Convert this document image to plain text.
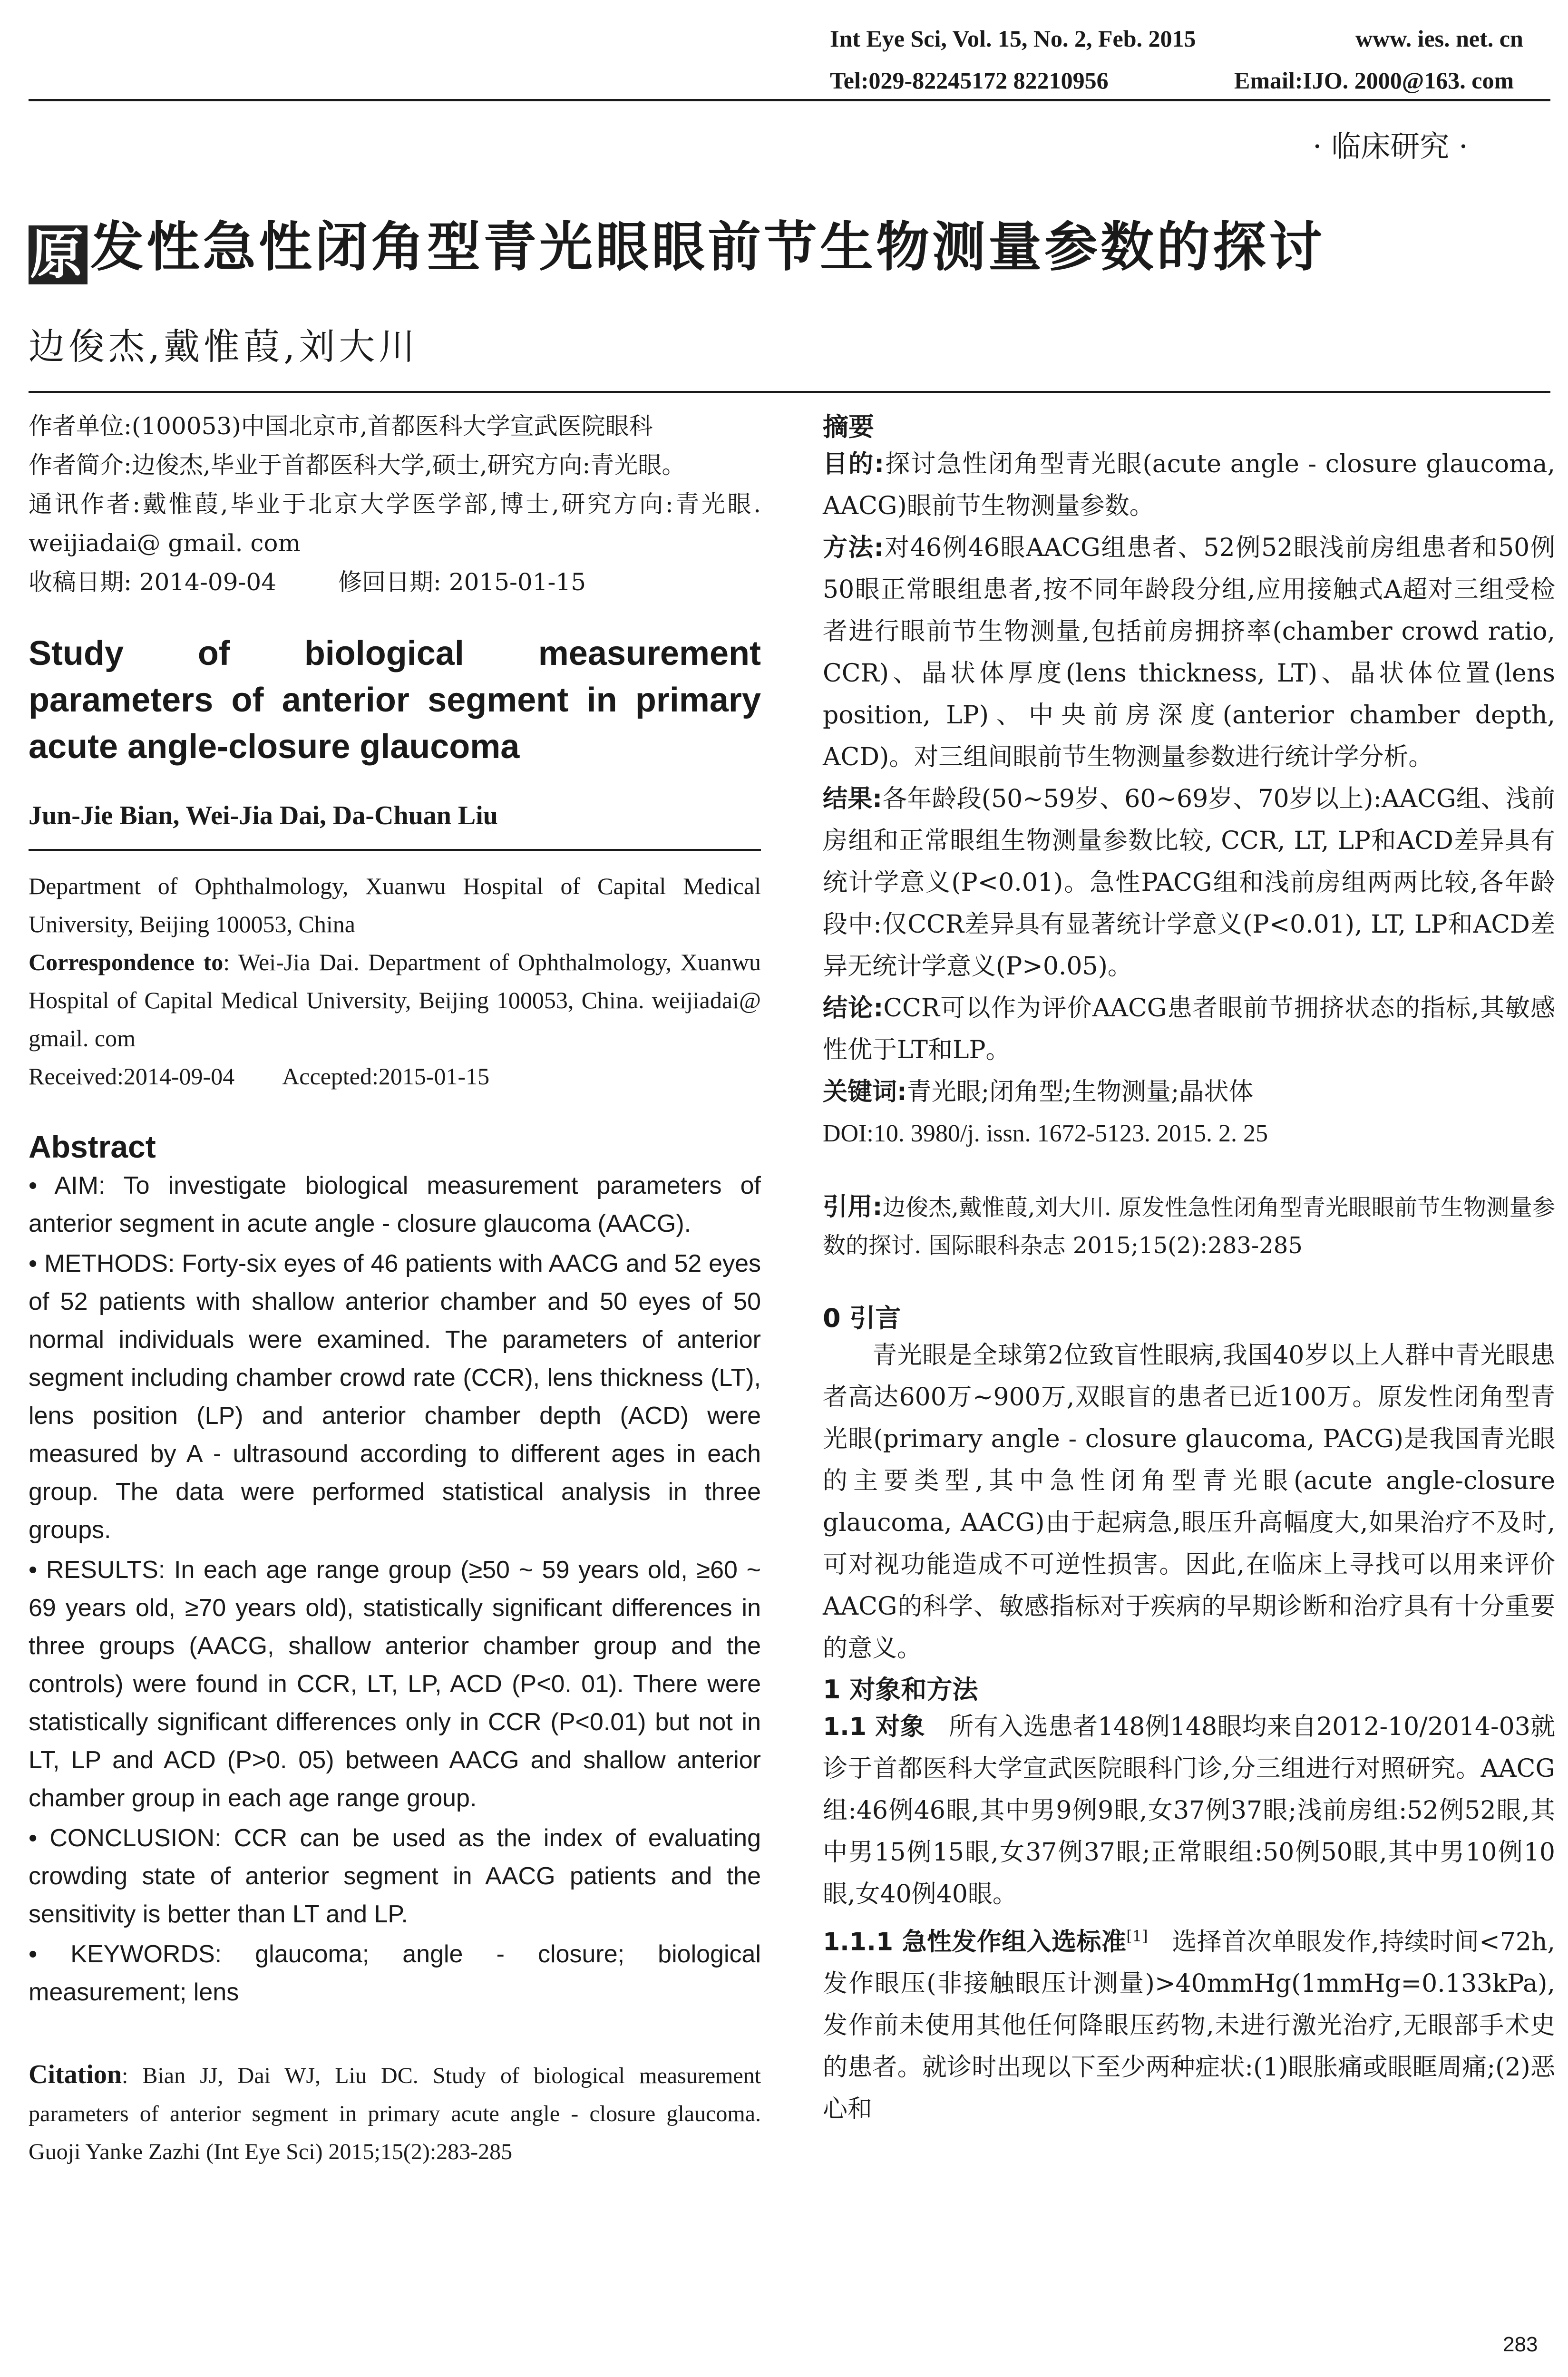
Int Eye Sci, Vol. 15, No. 2, Feb. 2015	www. ies. net. cn
Tel:029-82245172 82210956	Email:IJO. 2000@163. com
· 临床研究 ·
原发性急性闭角型青光眼眼前节生物测量参数的探讨
边俊杰,戴惟葭,刘大川

作者单位:(100053)中国北京市,首都医科大学宣武医院眼科

作者简介:边俊杰,毕业于首都医科大学,硕士,研究方向:青光眼。

通讯作者:戴惟葭,毕业于北京大学医学部,博士,研究方向:青光眼. weijiadai@ gmail. com

收稿日期: 2014-09-04	修回日期: 2015-01-15

Study of biological measurement parameters of anterior segment in primary acute angle-closure glaucoma
Jun-Jie Bian, Wei-Jia Dai, Da-Chuan Liu

Department of Ophthalmology, Xuanwu Hospital of Capital Medical University, Beijing 100053, China

Correspondence to: Wei-Jia Dai. Department of Ophthalmology, Xuanwu Hospital of Capital Medical University, Beijing 100053, China. weijiadai@ gmail. com

Received:2014-09-04 Accepted:2015-01-15

Abstract

• AIM: To investigate biological measurement parameters of anterior segment in acute angle - closure glaucoma (AACG).

• METHODS: Forty-six eyes of 46 patients with AACG and 52 eyes of 52 patients with shallow anterior chamber and 50 eyes of 50 normal individuals were examined. The parameters of anterior segment including chamber crowd rate (CCR), lens thickness (LT), lens position (LP) and anterior chamber depth (ACD) were measured by A - ultrasound according to different ages in each group. The data were performed statistical analysis in three groups.

• RESULTS: In each age range group (≥50 ~ 59 years old, ≥60 ~ 69 years old, ≥70 years old), statistically significant differences in three groups (AACG, shallow anterior chamber group and the controls) were found in CCR, LT, LP, ACD (P<0. 01). There were statistically significant differences only in CCR (P<0.01) but not in LT, LP and ACD (P>0. 05) between AACG and shallow anterior chamber group in each age range group.

• CONCLUSION: CCR can be used as the index of evaluating crowding state of anterior segment in AACG patients and the sensitivity is better than LT and LP.

• KEYWORDS: glaucoma; angle - closure; biological measurement; lens

Citation: Bian JJ, Dai WJ, Liu DC. Study of biological measurement parameters of anterior segment in primary acute angle - closure glaucoma. Guoji Yanke Zazhi (Int Eye Sci) 2015;15(2):283-285

摘要

目的:探讨急性闭角型青光眼(acute angle - closure glaucoma, AACG)眼前节生物测量参数。

方法:对46例46眼AACG组患者、52例52眼浅前房组患者和50例50眼正常眼组患者,按不同年龄段分组,应用接触式A超对三组受检者进行眼前节生物测量,包括前房拥挤率(chamber crowd ratio, CCR)、晶状体厚度(lens thickness, LT)、晶状体位置(lens position, LP)、中央前房深度(anterior chamber depth, ACD)。对三组间眼前节生物测量参数进行统计学分析。

结果:各年龄段(50~59岁、60~69岁、70岁以上):AACG组、浅前房组和正常眼组生物测量参数比较, CCR, LT, LP和ACD差异具有统计学意义(P<0.01)。急性PACG组和浅前房组两两比较,各年龄段中:仅CCR差异具有显著统计学意义(P<0.01), LT, LP和ACD差异无统计学意义(P>0.05)。

结论:CCR可以作为评价AACG患者眼前节拥挤状态的指标,其敏感性优于LT和LP。

关键词:青光眼;闭角型;生物测量;晶状体

DOI:10. 3980/j. issn. 1672-5123. 2015. 2. 25

引用:边俊杰,戴惟葭,刘大川. 原发性急性闭角型青光眼眼前节生物测量参数的探讨. 国际眼科杂志 2015;15(2):283-285

0 引言

青光眼是全球第2位致盲性眼病,我国40岁以上人群中青光眼患者高达600万~900万,双眼盲的患者已近100万。原发性闭角型青光眼(primary angle - closure glaucoma, PACG)是我国青光眼的主要类型,其中急性闭角型青光眼(acute angle-closure glaucoma, AACG)由于起病急,眼压升高幅度大,如果治疗不及时,可对视功能造成不可逆性损害。因此,在临床上寻找可以用来评价AACG的科学、敏感指标对于疾病的早期诊断和治疗具有十分重要的意义。

1 对象和方法

1.1 对象 所有入选患者148例148眼均来自2012-10/2014-03就诊于首都医科大学宣武医院眼科门诊,分三组进行对照研究。AACG组:46例46眼,其中男9例9眼,女37例37眼;浅前房组:52例52眼,其中男15例15眼,女37例37眼;正常眼组:50例50眼,其中男10例10眼,女40例40眼。

1.1.1 急性发作组入选标准[1] 选择首次单眼发作,持续时间<72h,发作眼压(非接触眼压计测量)>40mmHg(1mmHg=0.133kPa),发作前未使用其他任何降眼压药物,未进行激光治疗,无眼部手术史的患者。就诊时出现以下至少两种症状:(1)眼胀痛或眼眶周痛;(2)恶心和

283
